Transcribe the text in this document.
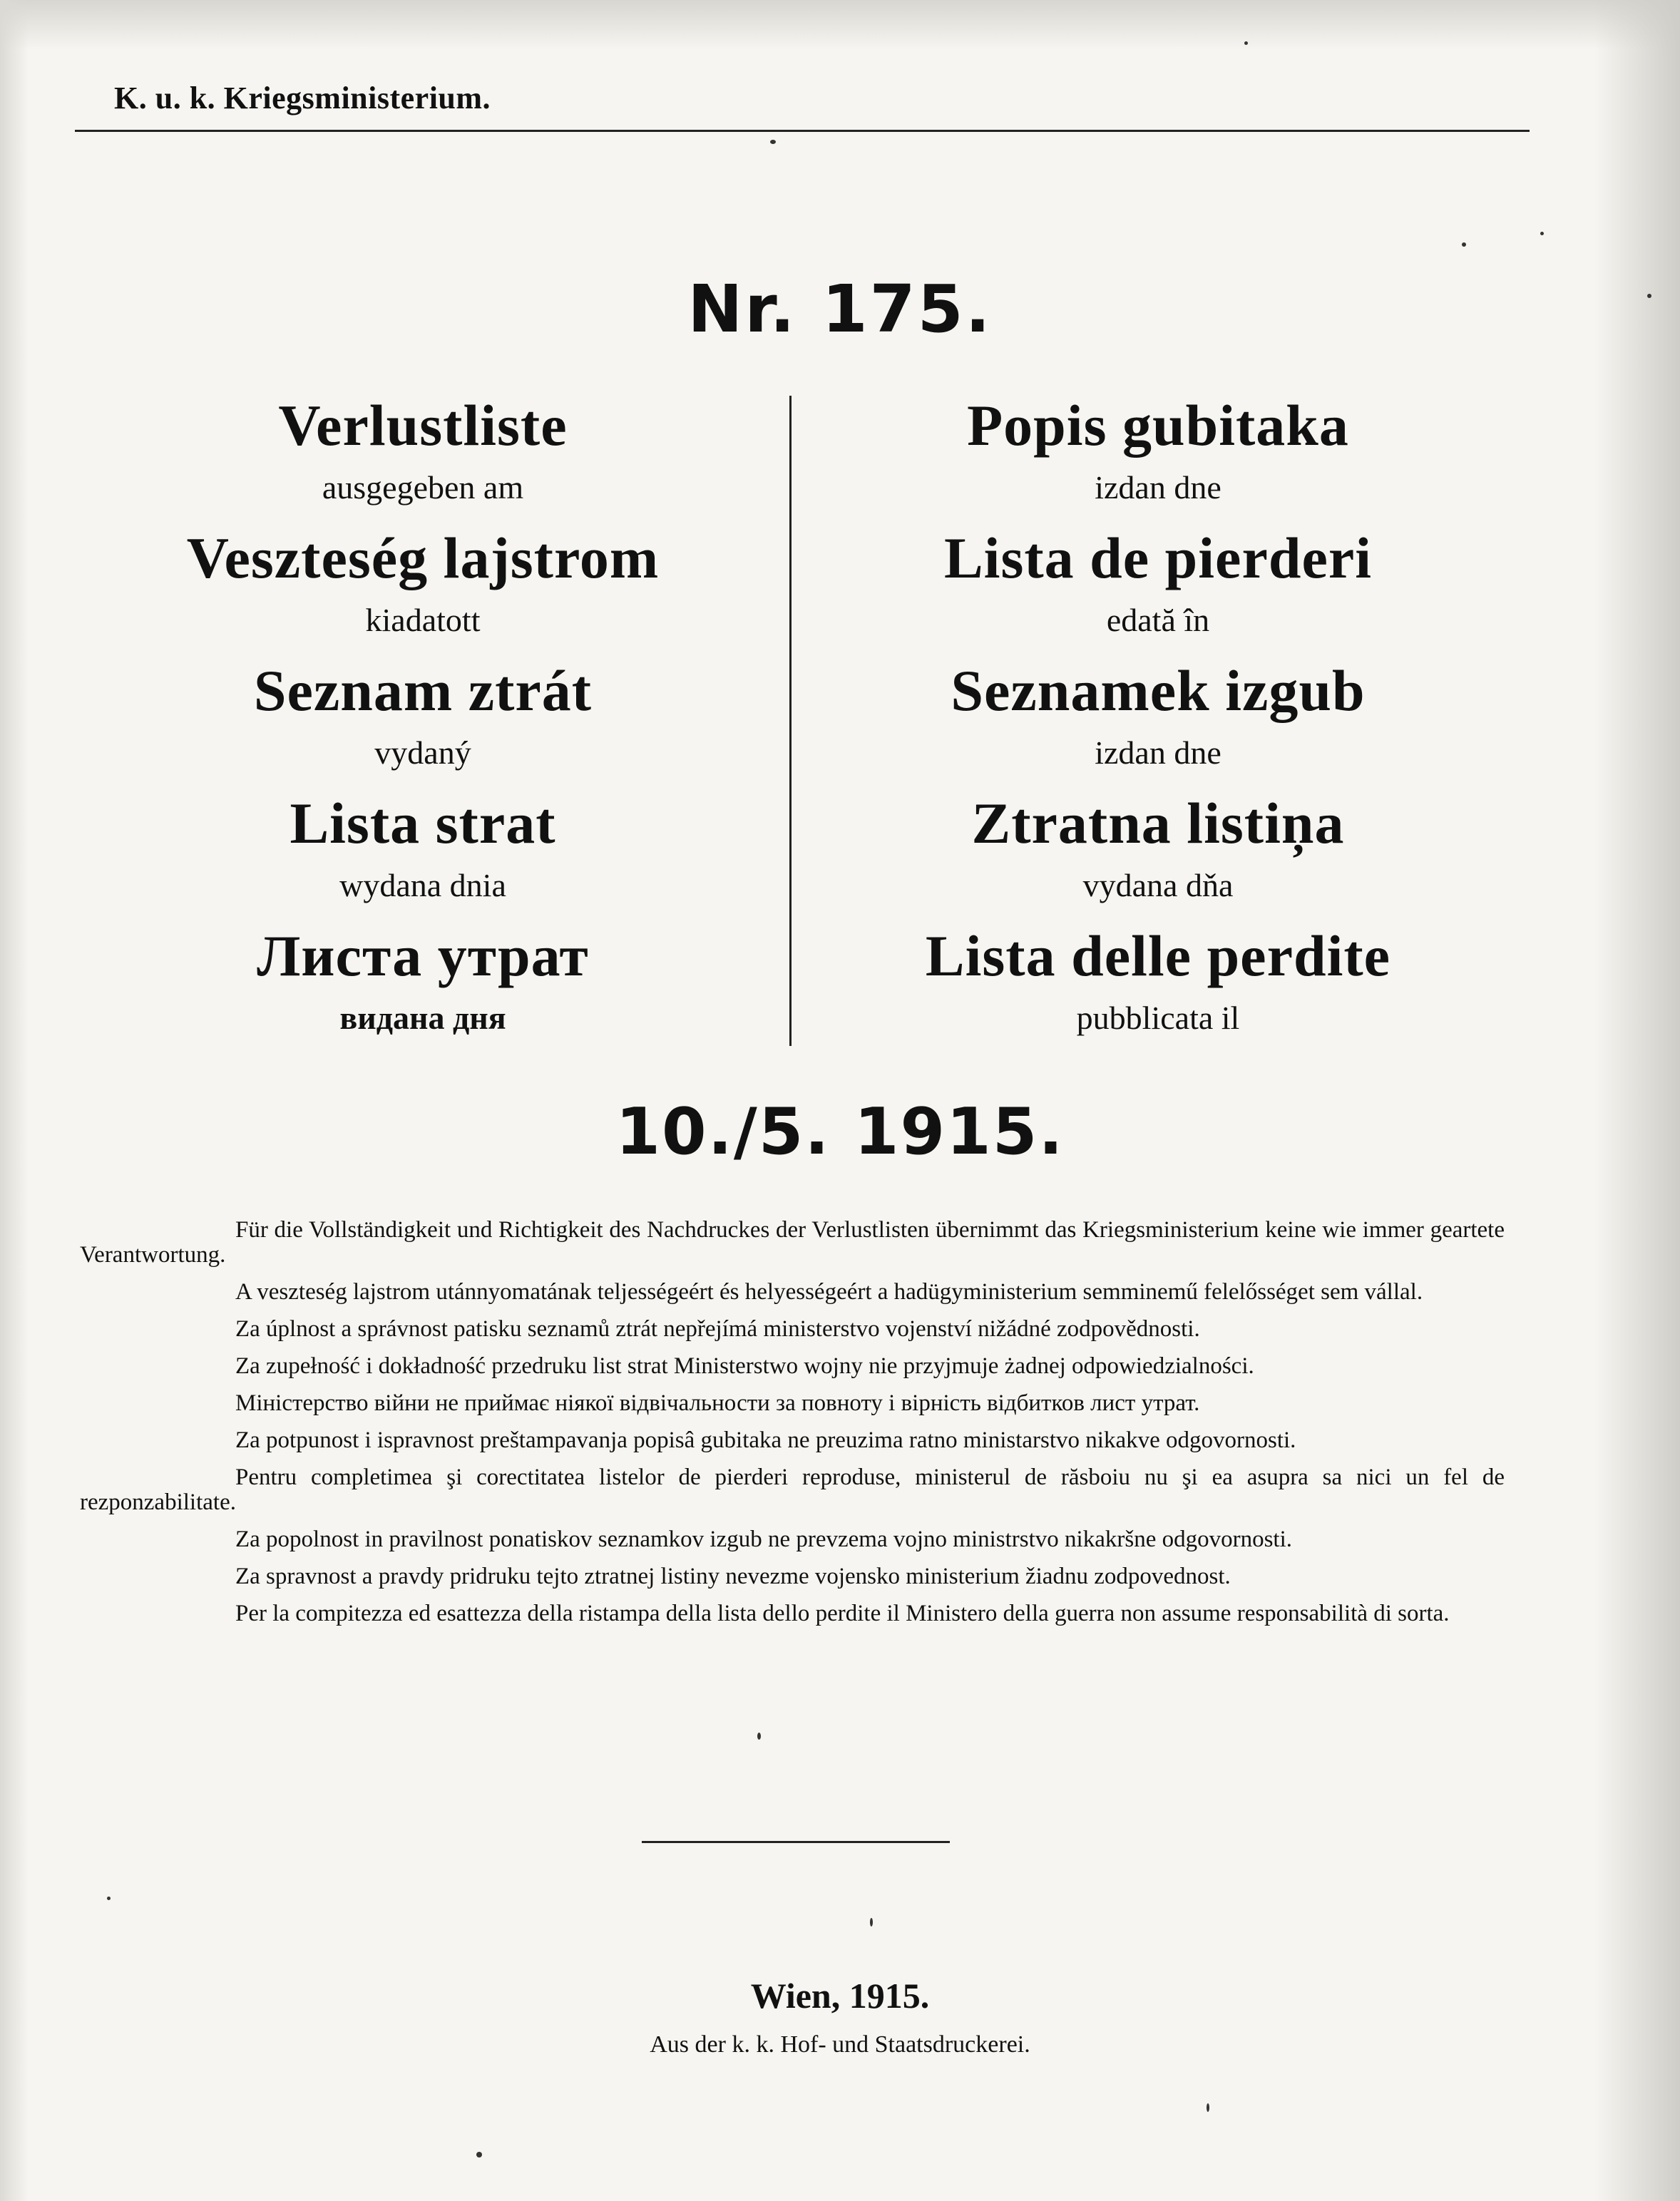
K. u. k. Kriegsministerium.
Nr. 175.
Verlustliste
ausgegeben am
Veszteség lajstrom
kiadatott
Seznam ztrát
vydaný
Lista strat
wydana dnia
Листа утрат
видана дня
Popis gubitaka
izdan dne
Lista de pierderi
edată în
Seznamek izgub
izdan dne
Ztratna listiņa
vydana dňa
Lista delle perdite
pubblicata il
10./5. 1915.

Für die Vollständigkeit und Richtigkeit des Nachdruckes der Verlustlisten übernimmt das Kriegsministerium keine wie immer geartete Verantwortung.

A veszteség lajstrom utánnyomatának teljességeért és helyességeért a hadügyministerium semminemű felelősséget sem vállal.

Za úplnost a správnost patisku seznamů ztrát nepřejímá ministerstvo vojenství nižádné zodpovědnosti.

Za zupełność i dokładność przedruku list strat Ministerstwo wojny nie przyjmuje żadnej odpowiedzialności.

Міністерство війни не приймає ніякої відвічальности за повноту і вірність відбитков лист утрат.

Za potpunost i ispravnost preštampavanja popisâ gubitaka ne preuzima ratno ministarstvo nikakve odgovornosti.

Pentru completimea şi corectitatea listelor de pierderi reproduse, ministerul de răsboiu nu şi ea asupra sa nici un fel de rezponzabilitate.

Za popolnost in pravilnost ponatiskov seznamkov izgub ne prevzema vojno ministrstvo nikakršne odgovornosti.

Za spravnost a pravdy pridruku tejto ztratnej listiny nevezme vojensko ministerium žiadnu zodpovednost.

Per la compitezza ed esattezza della ristampa della lista dello perdite il Ministero della guerra non assume responsabilità di sorta.

Wien, 1915.
Aus der k. k. Hof- und Staatsdruckerei.
